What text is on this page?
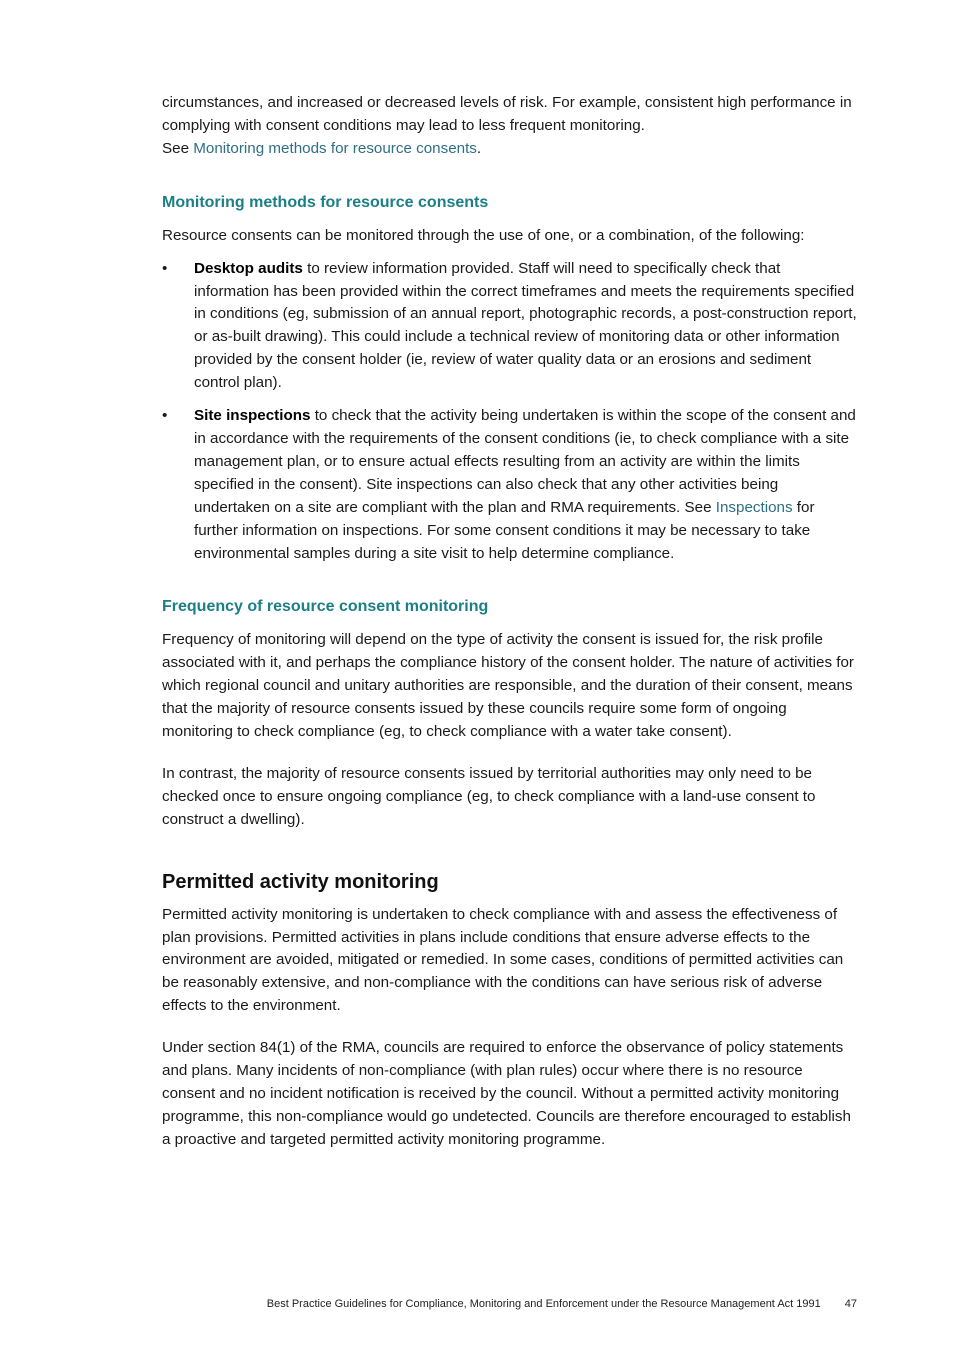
circumstances, and increased or decreased levels of risk. For example, consistent high performance in complying with consent conditions may lead to less frequent monitoring.
See Monitoring methods for resource consents.

Monitoring methods for resource consents

Resource consents can be monitored through the use of one, or a combination, of the following:

• Desktop audits to review information provided. Staff will need to specifically check that information has been provided within the correct timeframes and meets the requirements specified in conditions (eg, submission of an annual report, photographic records, a post-construction report, or as-built drawing). This could include a technical review of monitoring data or other information provided by the consent holder (ie, review of water quality data or an erosions and sediment control plan).
• Site inspections to check that the activity being undertaken is within the scope of the consent and in accordance with the requirements of the consent conditions (ie, to check compliance with a site management plan, or to ensure actual effects resulting from an activity are within the limits specified in the consent). Site inspections can also check that any other activities being undertaken on a site are compliant with the plan and RMA requirements. See Inspections for further information on inspections. For some consent conditions it may be necessary to take environmental samples during a site visit to help determine compliance.
Frequency of resource consent monitoring

Frequency of monitoring will depend on the type of activity the consent is issued for, the risk profile associated with it, and perhaps the compliance history of the consent holder. The nature of activities for which regional council and unitary authorities are responsible, and the duration of their consent, means that the majority of resource consents issued by these councils require some form of ongoing monitoring to check compliance (eg, to check compliance with a water take consent).

In contrast, the majority of resource consents issued by territorial authorities may only need to be checked once to ensure ongoing compliance (eg, to check compliance with a land-use consent to construct a dwelling).

Permitted activity monitoring

Permitted activity monitoring is undertaken to check compliance with and assess the effectiveness of plan provisions. Permitted activities in plans include conditions that ensure adverse effects to the environment are avoided, mitigated or remedied. In some cases, conditions of permitted activities can be reasonably extensive, and non-compliance with the conditions can have serious risk of adverse effects to the environment.

Under section 84(1) of the RMA, councils are required to enforce the observance of policy statements and plans. Many incidents of non-compliance (with plan rules) occur where there is no resource consent and no incident notification is received by the council. Without a permitted activity monitoring programme, this non-compliance would go undetected. Councils are therefore encouraged to establish a proactive and targeted permitted activity monitoring programme.

Best Practice Guidelines for Compliance, Monitoring and Enforcement under the Resource Management Act 1991 47
